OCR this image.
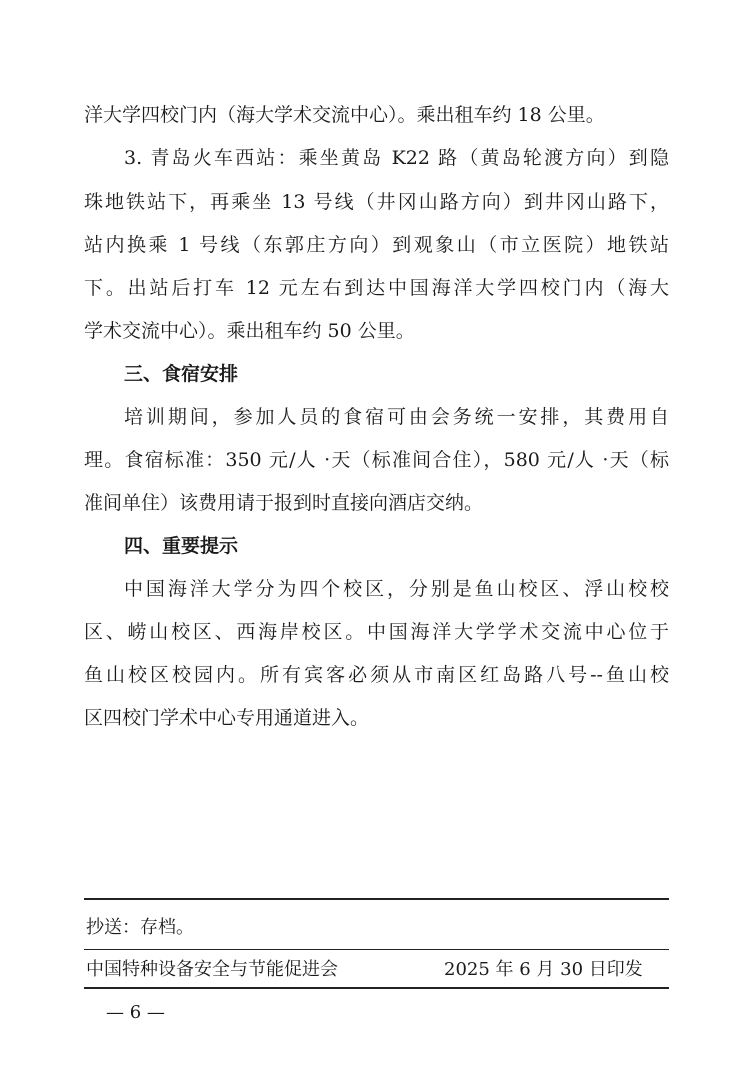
洋大学四校门内（海大学术交流中心）。乘出租车约 18 公里。
3. 青岛火车西站：乘坐黄岛 K22 路（黄岛轮渡方向）到隐
珠地铁站下，再乘坐 13 号线（井冈山路方向）到井冈山路下，
站内换乘 1 号线（东郭庄方向）到观象山（市立医院）地铁站
下。出站后打车 12 元左右到达中国海洋大学四校门内（海大
学术交流中心）。乘出租车约 50 公里。
三、食宿安排
培训期间，参加人员的食宿可由会务统一安排，其费用自
理。食宿标准：350 元/人 ·天（标准间合住），580 元/人 ·天（标
准间单住）该费用请于报到时直接向酒店交纳。
四、重要提示
中国海洋大学分为四个校区，分别是鱼山校区、浮山校校
区、崂山校区、西海岸校区。中国海洋大学学术交流中心位于
鱼山校区校园内。所有宾客必须从市南区红岛路八号--鱼山校
区四校门学术中心专用通道进入。
抄送：存档。
中国特种设备安全与节能促进会	2025 年 6 月 30 日印发
— 6 —
